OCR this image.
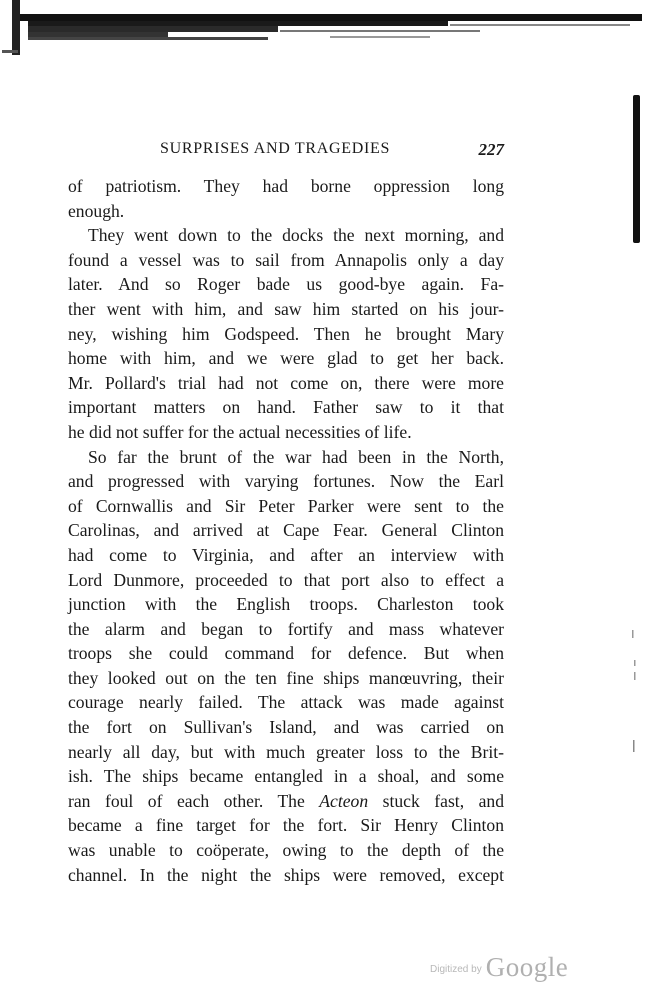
SURPRISES AND TRAGEDIES	227
of patriotism. They had borne oppression long
enough.
They went down to the docks the next morning, and
found a vessel was to sail from Annapolis only a day
later. And so Roger bade us good-bye again. Fa-
ther went with him, and saw him started on his jour-
ney, wishing him Godspeed. Then he brought Mary
home with him, and we were glad to get her back.
Mr. Pollard's trial had not come on, there were more
important matters on hand. Father saw to it that
he did not suffer for the actual necessities of life.
So far the brunt of the war had been in the North,
and progressed with varying fortunes. Now the Earl
of Cornwallis and Sir Peter Parker were sent to the
Carolinas, and arrived at Cape Fear. General Clinton
had come to Virginia, and after an interview with
Lord Dunmore, proceeded to that port also to effect a
junction with the English troops. Charleston took
the alarm and began to fortify and mass whatever
troops she could command for defence. But when
they looked out on the ten fine ships manœuvring, their
courage nearly failed. The attack was made against
the fort on Sullivan's Island, and was carried on
nearly all day, but with much greater loss to the Brit-
ish. The ships became entangled in a shoal, and some
ran foul of each other. The Acteon stuck fast, and
became a fine target for the fort. Sir Henry Clinton
was unable to coöperate, owing to the depth of the
channel. In the night the ships were removed, except
$^{Digitized by}$ Google
